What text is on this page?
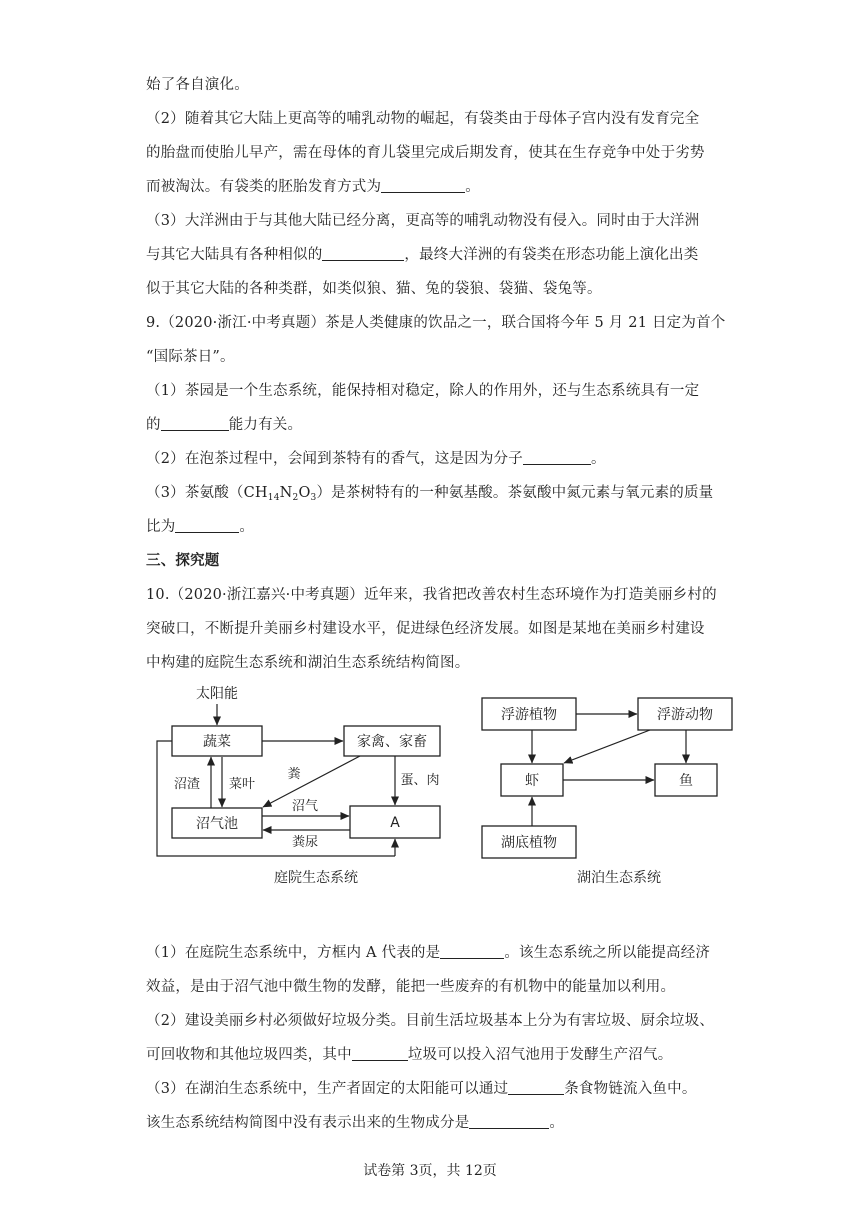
始了各自演化。
（2）随着其它大陆上更高等的哺乳动物的崛起，有袋类由于母体子宫内没有发育完全
的胎盘而使胎儿早产，需在母体的育儿袋里完成后期发育，使其在生存竞争中处于劣势
而被淘汰。有袋类的胚胎发育方式为	。
（3）大洋洲由于与其他大陆已经分离，更高等的哺乳动物没有侵入。同时由于大洋洲
与其它大陆具有各种相似的	，最终大洋洲的有袋类在形态功能上演化出类
似于其它大陆的各种类群，如类似狼、猫、兔的袋狼、袋猫、袋兔等。
9.（2020·浙江·中考真题）茶是人类健康的饮品之一，联合国将今年 5 月 21 日定为首个
“国际茶日”。
（1）茶园是一个生态系统，能保持相对稳定，除人的作用外，还与生态系统具有一定
的	能力有关。
（2）在泡茶过程中，会闻到茶特有的香气，这是因为分子	。
（3）茶氨酸$(CH_{14}N_2O_3)$是茶树特有的一种氨基酸。茶氨酸中氮元素与氧元素的质量
比为	。
三、探究题
10.（2020·浙江嘉兴·中考真题）近年来，我省把改善农村生态环境作为打造美丽乡村的
突破口，不断提升美丽乡村建设水平，促进绿色经济发展。如图是某地在美丽乡村建设
中构建的庭院生态系统和湖泊生态系统结构简图。
太阳能
蔬菜	家禽、家畜
沼气池	A
沼渣 菜叶
粪	蛋、肉
沼气
粪尿
庭院生态系统
浮游植物	浮游动物
虾	鱼
湖底植物
湖泊生态系统
（1）在庭院生态系统中，方框内 A 代表的是	。该生态系统之所以能提高经济
效益，是由于沼气池中微生物的发酵，能把一些废弃的有机物中的能量加以利用。
（2）建设美丽乡村必须做好垃圾分类。目前生活垃圾基本上分为有害垃圾、厨余垃圾、
可回收物和其他垃圾四类，其中	垃圾可以投入沼气池用于发酵生产沼气。
（3）在湖泊生态系统中，生产者固定的太阳能可以通过	条食物链流入鱼中。
该生态系统结构简图中没有表示出来的生物成分是	。
试卷第 3页，共 12页
